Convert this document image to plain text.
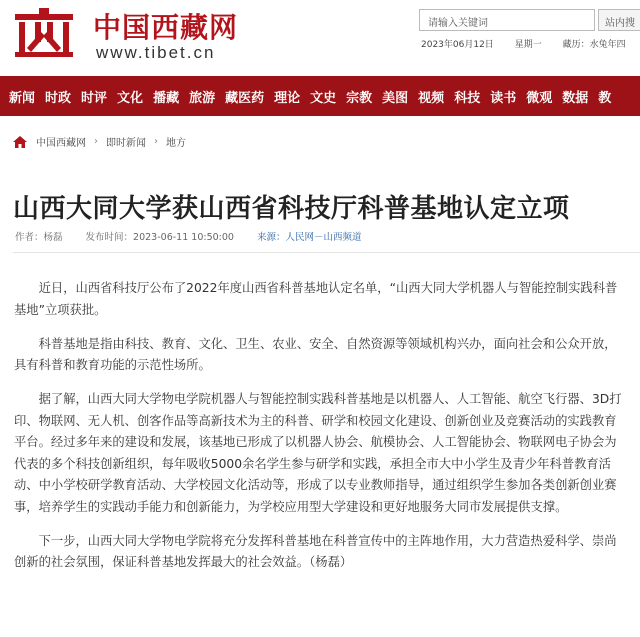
中国西藏网
www.tibet.cn
请输入关键词	站内搜
2023年06月12日 星期一 藏历：水兔年四
新闻 时政 时评 文化 播藏 旅游 藏医药 理论 文史 宗教 美图 视频 科技 读书 微观 数据 教
中国西藏网 › 即时新闻 › 地方
山西大同大学获山西省科技厅科普基地认定立项
作者：杨磊 发布时间：2023-06-11 10:50:00 来源：人民网－山西频道

近日，山西省科技厅公布了2022年度山西省科普基地认定名单，“山西大同大学机器人与智能控制实践科普基地”立项获批。

科普基地是指由科技、教育、文化、卫生、农业、安全、自然资源等领域机构兴办，面向社会和公众开放，具有科普和教育功能的示范性场所。

据了解，山西大同大学物电学院机器人与智能控制实践科普基地是以机器人、人工智能、航空飞行器、3D打印、物联网、无人机、创客作品等高新技术为主的科普、研学和校园文化建设、创新创业及竞赛活动的实践教育平台。经过多年来的建设和发展，该基地已形成了以机器人协会、航模协会、人工智能协会、物联网电子协会为代表的多个科技创新组织，每年吸收5000余名学生参与研学和实践，承担全市大中小学生及青少年科普教育活动、中小学校研学教育活动、大学校园文化活动等，形成了以专业教师指导，通过组织学生参加各类创新创业赛事，培养学生的实践动手能力和创新能力，为学校应用型大学建设和更好地服务大同市发展提供支撑。

下一步，山西大同大学物电学院将充分发挥科普基地在科普宣传中的主阵地作用，大力营造热爱科学、崇尚创新的社会氛围，保证科普基地发挥最大的社会效益。（杨磊）
